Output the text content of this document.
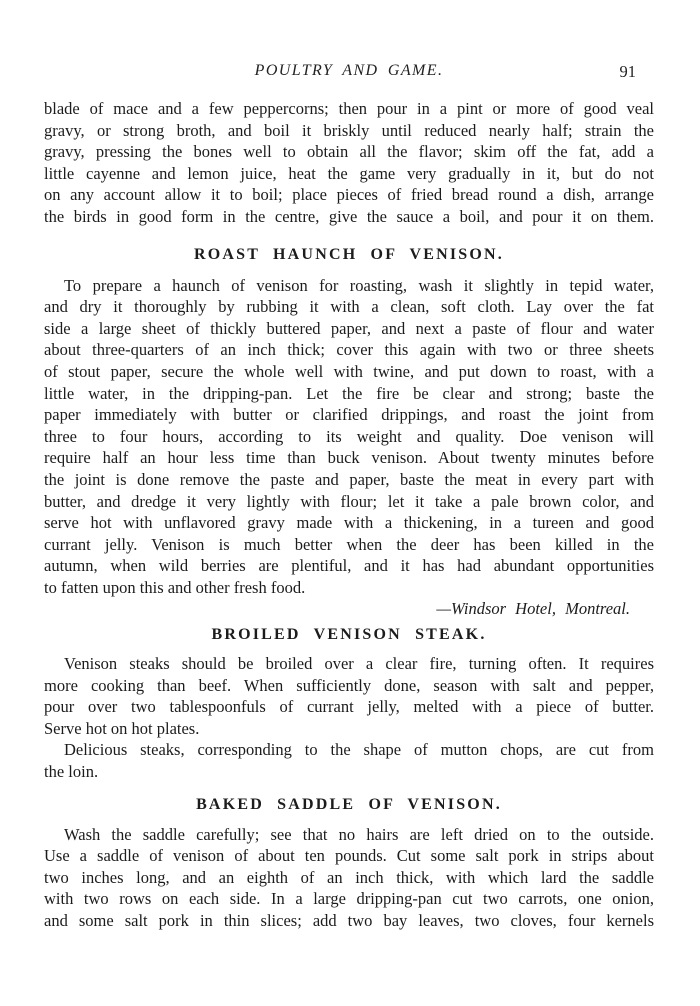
POULTRY AND GAME.	91
blade of mace and a few peppercorns; then pour in a pint or more of good veal
gravy, or strong broth, and boil it briskly until reduced nearly half; strain the
gravy, pressing the bones well to obtain all the flavor; skim off the fat, add a
little cayenne and lemon juice, heat the game very gradually in it, but do not
on any account allow it to boil; place pieces of fried bread round a dish, arrange
the birds in good form in the centre, give the sauce a boil, and pour it on them.
ROAST HAUNCH OF VENISON.
To prepare a haunch of venison for roasting, wash it slightly in tepid water,
and dry it thoroughly by rubbing it with a clean, soft cloth. Lay over the fat
side a large sheet of thickly buttered paper, and next a paste of flour and water
about three-quarters of an inch thick; cover this again with two or three sheets
of stout paper, secure the whole well with twine, and put down to roast, with a
little water, in the dripping-pan. Let the fire be clear and strong; baste the
paper immediately with butter or clarified drippings, and roast the joint from
three to four hours, according to its weight and quality. Doe venison will
require half an hour less time than buck venison. About twenty minutes before
the joint is done remove the paste and paper, baste the meat in every part with
butter, and dredge it very lightly with flour; let it take a pale brown color, and
serve hot with unflavored gravy made with a thickening, in a tureen and good
currant jelly. Venison is much better when the deer has been killed in the
autumn, when wild berries are plentiful, and it has had abundant opportunities
to fatten upon this and other fresh food.
—Windsor Hotel, Montreal.
BROILED VENISON STEAK.
Venison steaks should be broiled over a clear fire, turning often. It requires
more cooking than beef. When sufficiently done, season with salt and pepper,
pour over two tablespoonfuls of currant jelly, melted with a piece of butter.
Serve hot on hot plates.
Delicious steaks, corresponding to the shape of mutton chops, are cut from
the loin.
BAKED SADDLE OF VENISON.
Wash the saddle carefully; see that no hairs are left dried on to the outside.
Use a saddle of venison of about ten pounds. Cut some salt pork in strips about
two inches long, and an eighth of an inch thick, with which lard the saddle
with two rows on each side. In a large dripping-pan cut two carrots, one onion,
and some salt pork in thin slices; add two bay leaves, two cloves, four kernels
